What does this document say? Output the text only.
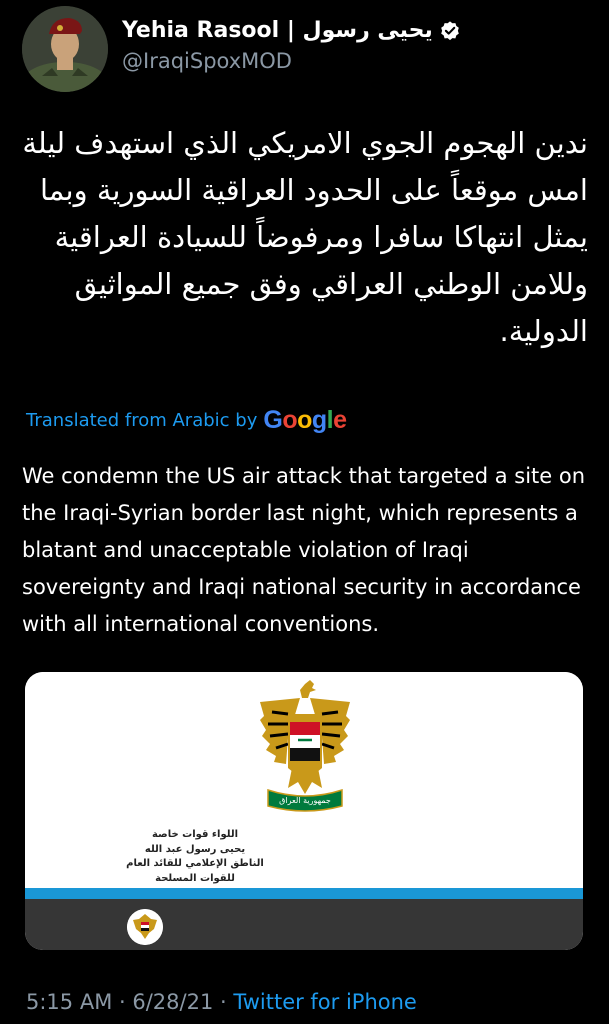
Yehia Rasool | يحيى رسول
@IraqiSpoxMOD
ندين الهجوم الجوي الامريكي الذي استهدف ليلة امس موقعاً على الحدود العراقية السورية وبما يمثل انتهاكا سافرا ومرفوضاً للسيادة العراقية وللامن الوطني العراقي وفق جميع المواثيق الدولية.
Translated from Arabic by Google
We condemn the US air attack that targeted a site on the Iraqi-Syrian border last night, which represents a blatant and unacceptable violation of Iraqi sovereignty and Iraqi national security in accordance with all international conventions.
جمهورية العراق
اللواء قوات خاصة
يحيى رسول عبد الله
الناطق الإعلامي للقائد العام
للقوات المسلحة
5:15 AM · 6/28/21 · Twitter for iPhone
